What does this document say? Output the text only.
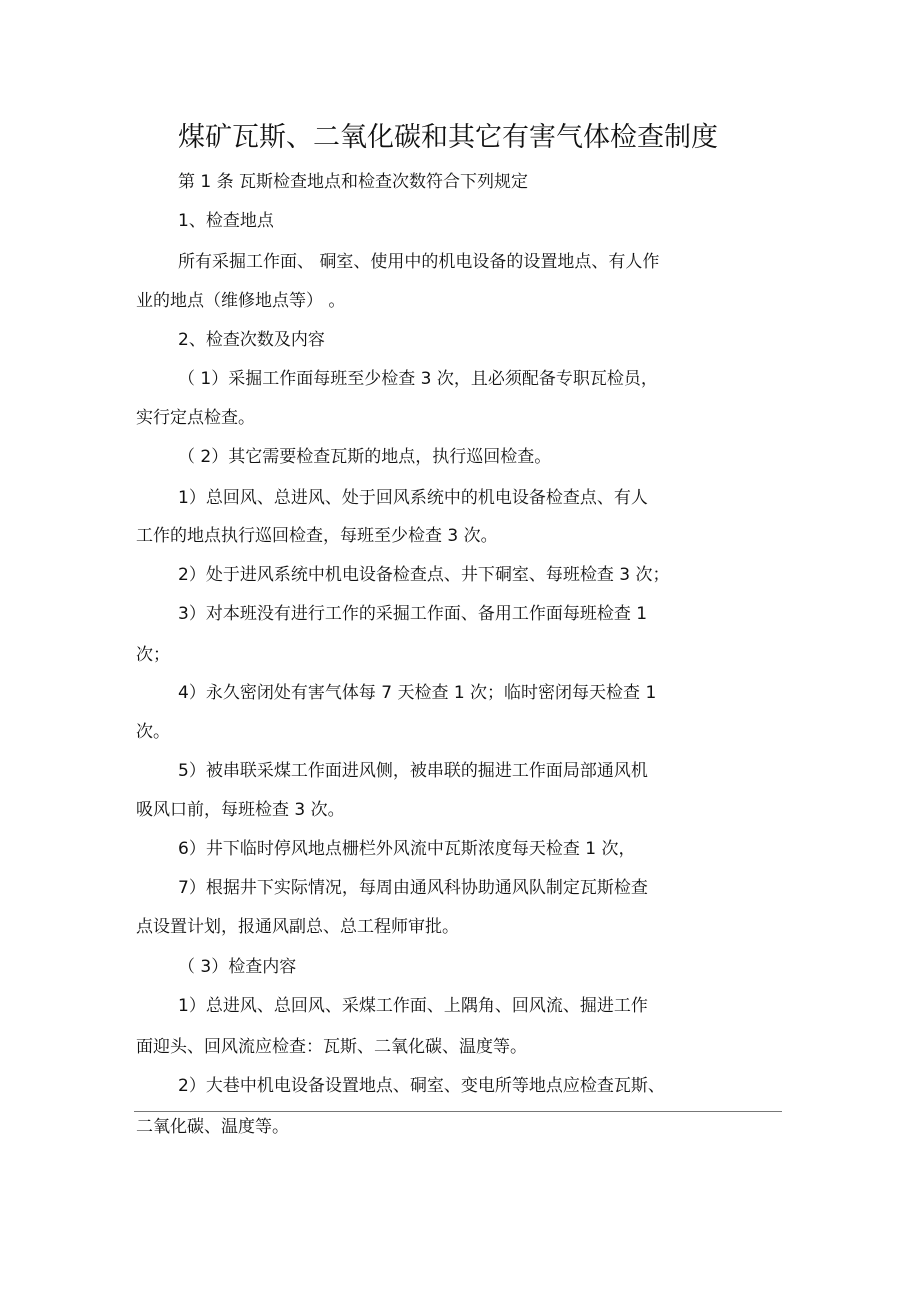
煤矿瓦斯、二氧化碳和其它有害气体检查制度
第 1 条 瓦斯检查地点和检查次数符合下列规定
1、检查地点
所有采掘工作面、 硐室、使用中的机电设备的设置地点、有人作
业的地点（维修地点等） 。
2、检查次数及内容
（ 1）采掘工作面每班至少检查 3 次，且必须配备专职瓦检员，
实行定点检查。
（ 2）其它需要检查瓦斯的地点，执行巡回检查。
1）总回风、总进风、处于回风系统中的机电设备检查点、有人
工作的地点执行巡回检查，每班至少检查 3 次。
2）处于进风系统中机电设备检查点、井下硐室、每班检查 3 次；
3）对本班没有进行工作的采掘工作面、备用工作面每班检查 1
次；
4）永久密闭处有害气体每 7 天检查 1 次；临时密闭每天检查 1
次。
5）被串联采煤工作面进风侧，被串联的掘进工作面局部通风机
吸风口前，每班检查 3 次。
6）井下临时停风地点栅栏外风流中瓦斯浓度每天检查 1 次，
7）根据井下实际情况，每周由通风科协助通风队制定瓦斯检查
点设置计划，报通风副总、总工程师审批。
（ 3）检查内容
1）总进风、总回风、采煤工作面、上隅角、回风流、掘进工作
面迎头、回风流应检查：瓦斯、二氧化碳、温度等。
2）大巷中机电设备设置地点、硐室、变电所等地点应检查瓦斯、
二氧化碳、温度等。
